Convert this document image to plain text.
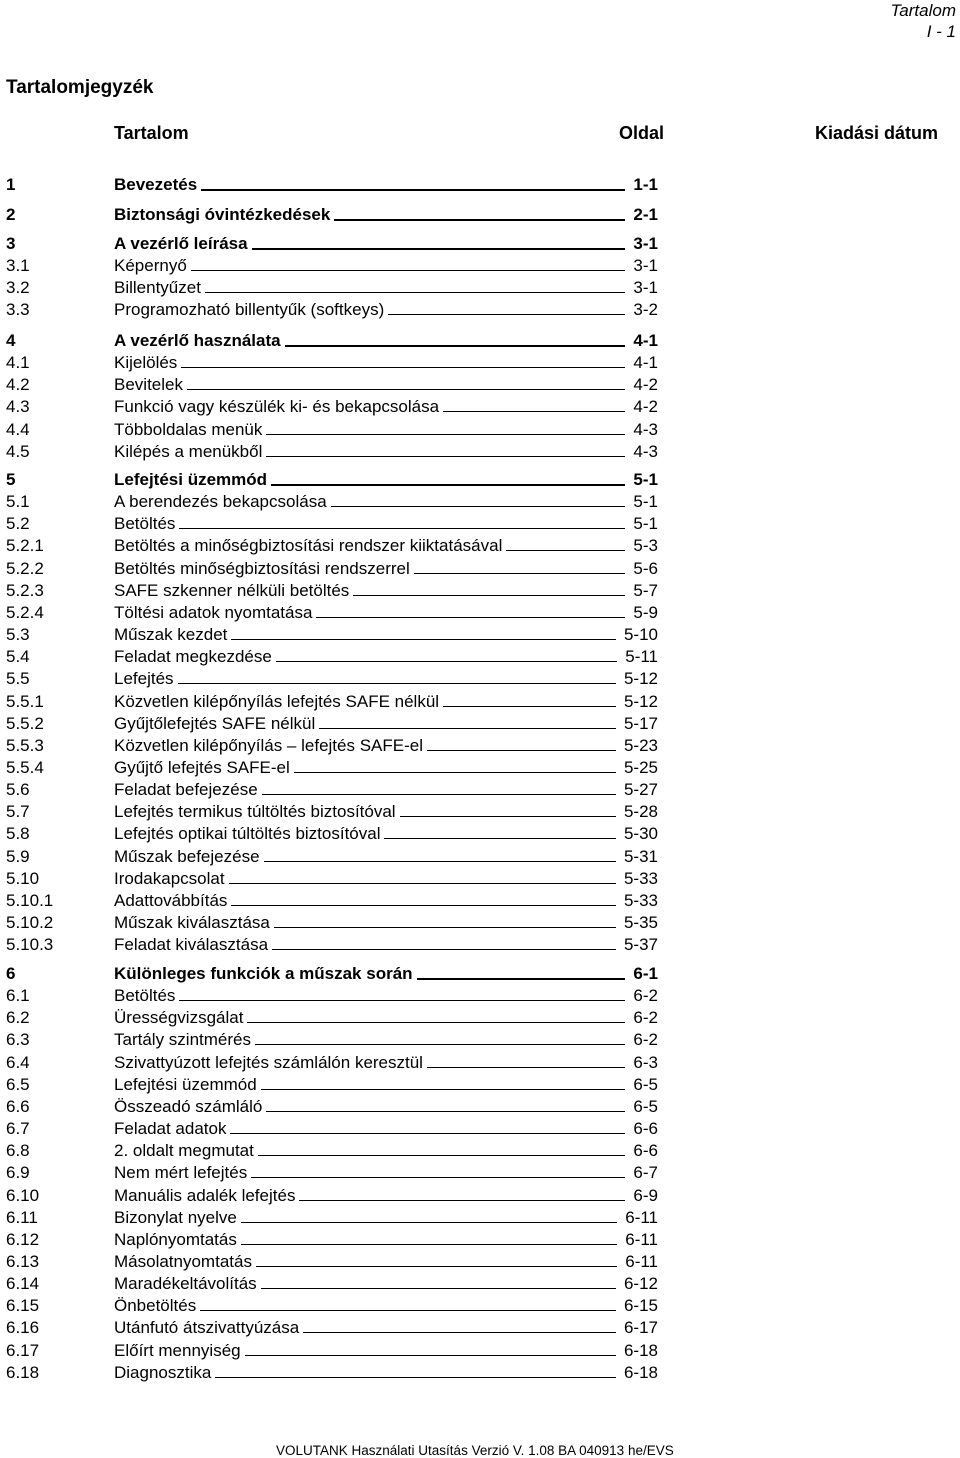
Tartalom
I - 1
Tartalomjegyzék
Tartalom	Oldal	Kiadási dátum
1	Bevezetés	1-1
2	Biztonsági óvintézkedések	2-1
3	A vezérlő leírása	3-1
3.1	Képernyő	3-1
3.2	Billentyűzet	3-1
3.3	Programozható billentyűk (softkeys)	3-2
4	A vezérlő használata	4-1
4.1	Kijelölés	4-1
4.2	Bevitelek	4-2
4.3	Funkció vagy készülék ki- és bekapcsolása	4-2
4.4	Többoldalas menük	4-3
4.5	Kilépés a menükből	4-3
5	Lefejtési üzemmód	5-1
5.1	A berendezés bekapcsolása	5-1
5.2	Betöltés	5-1
5.2.1	Betöltés a minőségbiztosítási rendszer kiiktatásával	5-3
5.2.2	Betöltés minőségbiztosítási rendszerrel	5-6
5.2.3	SAFE szkenner nélküli betöltés	5-7
5.2.4	Töltési adatok nyomtatása	5-9
5.3	Műszak kezdet	5-10
5.4	Feladat megkezdése	5-11
5.5	Lefejtés	5-12
5.5.1	Közvetlen kilépőnyílás lefejtés SAFE nélkül	5-12
5.5.2	Gyűjtőlefejtés SAFE nélkül	5-17
5.5.3	Közvetlen kilépőnyílás – lefejtés SAFE-el	5-23
5.5.4	Gyűjtő lefejtés SAFE-el	5-25
5.6	Feladat befejezése	5-27
5.7	Lefejtés termikus túltöltés biztosítóval	5-28
5.8	Lefejtés optikai túltöltés biztosítóval	5-30
5.9	Műszak befejezése	5-31
5.10	Irodakapcsolat	5-33
5.10.1	Adattovábbítás	5-33
5.10.2	Műszak kiválasztása	5-35
5.10.3	Feladat kiválasztása	5-37
6	Különleges funkciók a műszak során	6-1
6.1	Betöltés	6-2
6.2	Ürességvizsgálat	6-2
6.3	Tartály szintmérés	6-2
6.4	Szivattyúzott lefejtés számlálón keresztül	6-3
6.5	Lefejtési üzemmód	6-5
6.6	Összeadó számláló	6-5
6.7	Feladat adatok	6-6
6.8	2. oldalt megmutat	6-6
6.9	Nem mért lefejtés	6-7
6.10	Manuális adalék lefejtés	6-9
6.11	Bizonylat nyelve	6-11
6.12	Naplónyomtatás	6-11
6.13	Másolatnyomtatás	6-11
6.14	Maradékeltávolítás	6-12
6.15	Önbetöltés	6-15
6.16	Utánfutó átszivattyúzása	6-17
6.17	Előírt mennyiség	6-18
6.18	Diagnosztika	6-18
VOLUTANK Használati Utasítás Verzió V. 1.08 BA 040913 he/EVS
